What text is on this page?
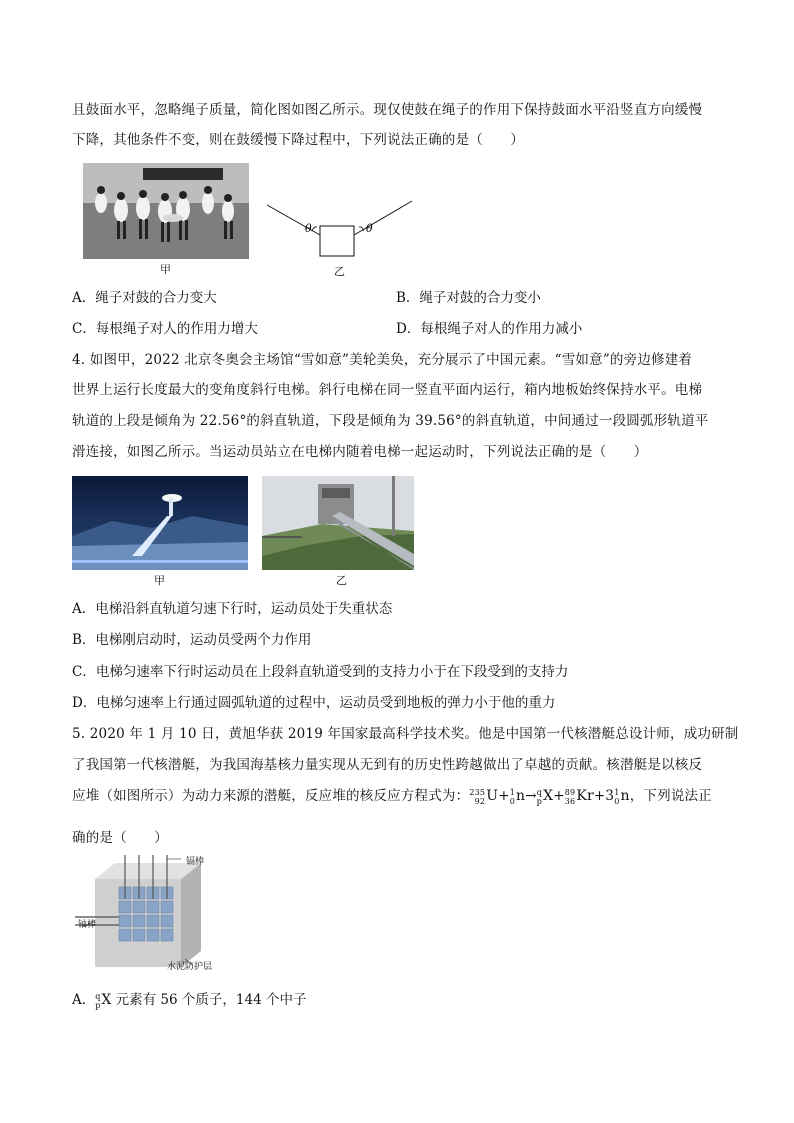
且鼓面水平，忽略绳子质量，简化图如图乙所示。现仅使鼓在绳子的作用下保持鼓面水平沿竖直方向缓慢
下降，其他条件不变，则在鼓缓慢下降过程中，下列说法正确的是（　　）
甲
θ	θ
乙
A．绳子对鼓的合力变大	B．绳子对鼓的合力变小
C．每根绳子对人的作用力增大	D．每根绳子对人的作用力减小
4. 如图甲，2022 北京冬奥会主场馆“雪如意”美轮美奂，充分展示了中国元素。“雪如意”的旁边修建着
世界上运行长度最大的变角度斜行电梯。斜行电梯在同一竖直平面内运行，箱内地板始终保持水平。电梯
轨道的上段是倾角为 22.56°的斜直轨道，下段是倾角为 39.56°的斜直轨道，中间通过一段圆弧形轨道平
滑连接，如图乙所示。当运动员站立在电梯内随着电梯一起运动时，下列说法正确的是（　　）
甲	乙
A．电梯沿斜直轨道匀速下行时，运动员处于失重状态
B．电梯刚启动时，运动员受两个力作用
C．电梯匀速率下行时运动员在上段斜直轨道受到的支持力小于在下段受到的支持力
D．电梯匀速率上行通过圆弧轨道的过程中，运动员受到地板的弹力小于他的重力
5. 2020 年 1 月 10 日，黄旭华获 2019 年国家最高科学技术奖。他是中国第一代核潜艇总设计师，成功研制
了我国第一代核潜艇，为我国海基核力量实现从无到有的历史性跨越做出了卓越的贡献。核潜艇是以核反
应堆（如图所示）为动力来源的潜艇，反应堆的核反应方程式为： 235
92 U+ 1
0 n→ q
p X+ 89
36 Kr+3 1
0 n，下列说法正
确的是（　　）
镉棒
铀棒
水泥防护层
A． q
p X 元素有 56 个质子，144 个中子
